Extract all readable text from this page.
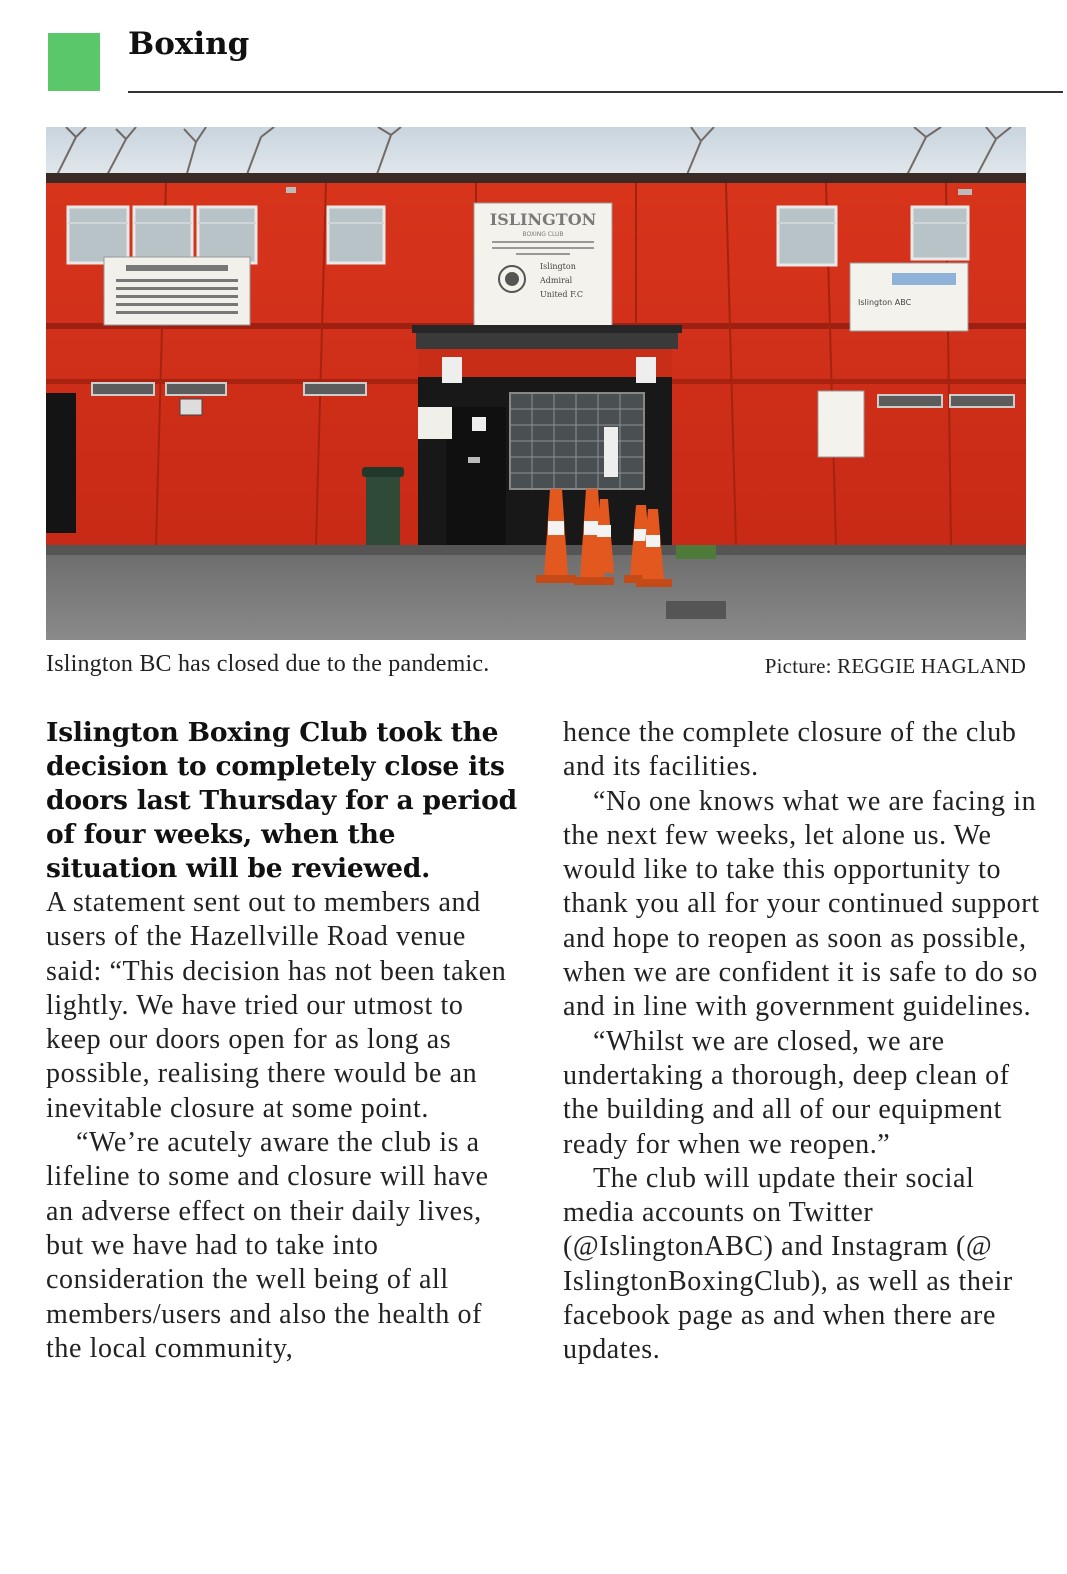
Boxing
ISLINGTON
BOXING CLUB
Islington
Admiral
United F.C
Islington ABC
Islington BC has closed due to the pandemic.	Picture: REGGIE HAGLAND

Islington Boxing Club took the decision to completely close its doors last Thursday for a period of four weeks, when the situation will be reviewed.

A statement sent out to members and users of the Hazellville Road venue said: “This decision has not been taken lightly. We have tried our utmost to keep our doors open for as long as possible, realising there would be an inevitable closure at some point.

“We’re acutely aware the club is a lifeline to some and closure will have an adverse effect on their daily lives, but we have had to take into consideration the well being of all members/users and also the health of the local community,

hence the complete closure of the club and its facilities.

“No one knows what we are facing in the next few weeks, let alone us. We would like to take this opportunity to thank you all for your continued support and hope to reopen as soon as possible, when we are confident it is safe to do so and in line with government guidelines.

“Whilst we are closed, we are undertaking a thorough, deep clean of the building and all of our equipment ready for when we reopen.”

The club will update their social media accounts on Twitter (@IslingtonABC) and Instagram (@ IslingtonBoxingClub), as well as their facebook page as and when there are updates.
